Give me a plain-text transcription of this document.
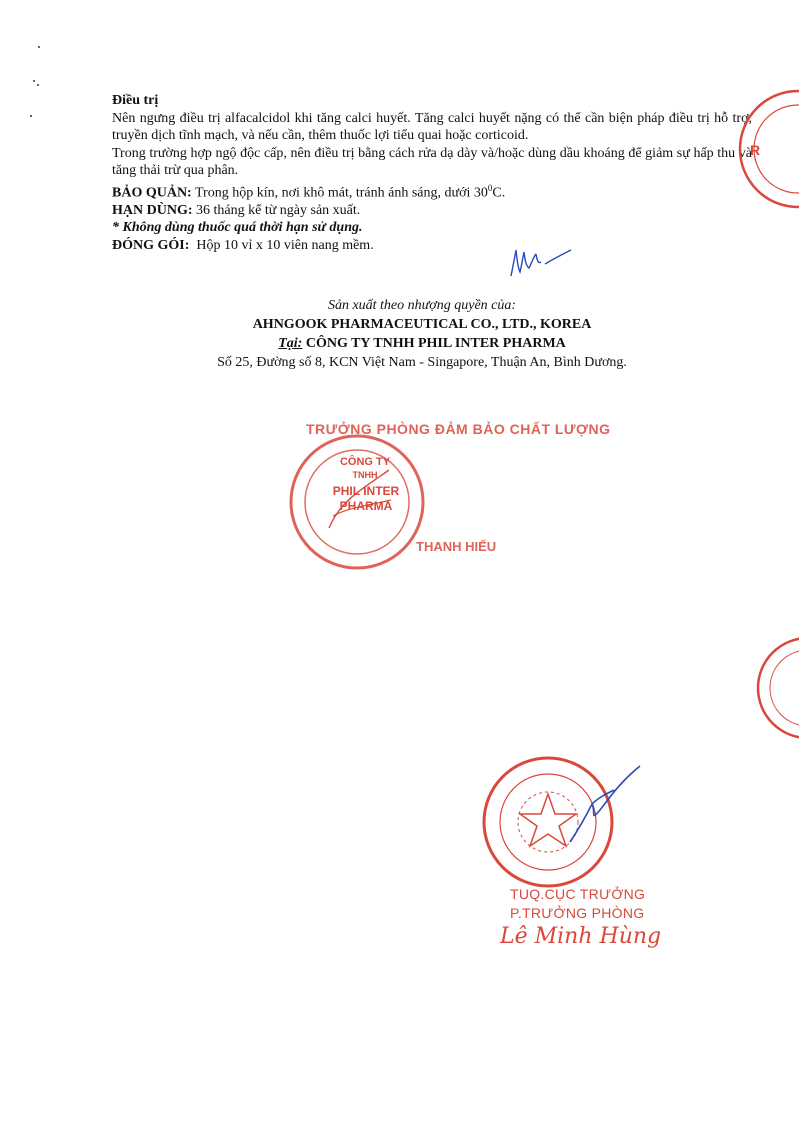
Điều trị

Nên ngưng điều trị alfacalcidol khi tăng calci huyết. Tăng calci huyết nặng có thể cần biện pháp điều trị hỗ trợ, truyền dịch tĩnh mạch, và nếu cần, thêm thuốc lợi tiểu quai hoặc corticoid.

Trong trường hợp ngộ độc cấp, nên điều trị bằng cách rửa dạ dày và/hoặc dùng dầu khoáng để giảm sự hấp thu và tăng thải trừ qua phân.

BẢO QUẢN: Trong hộp kín, nơi khô mát, tránh ánh sáng, dưới $30^0C$.

HẠN DÙNG: 36 tháng kể từ ngày sản xuất.

* Không dùng thuốc quá thời hạn sử dụng.

ĐÓNG GÓI:  Hộp 10 vỉ x 10 viên nang mềm.

Sản xuất theo nhượng quyền của:

AHNGOOK PHARMACEUTICAL CO., LTD., KOREA

Tại: CÔNG TY TNHH PHIL INTER PHARMA

Số 25, Đường số 8, KCN Việt Nam - Singapore, Thuận An, Bình Dương.

R
TRƯỞNG PHÒNG ĐẢM BẢO CHẤT LƯỢNG
CÔNG TY
TNHH
PHIL INTER
PHARMA
THANH HIẾU
TUQ.CỤC TRƯỞNG
P.TRƯỞNG PHÒNG
Lê Minh Hùng
